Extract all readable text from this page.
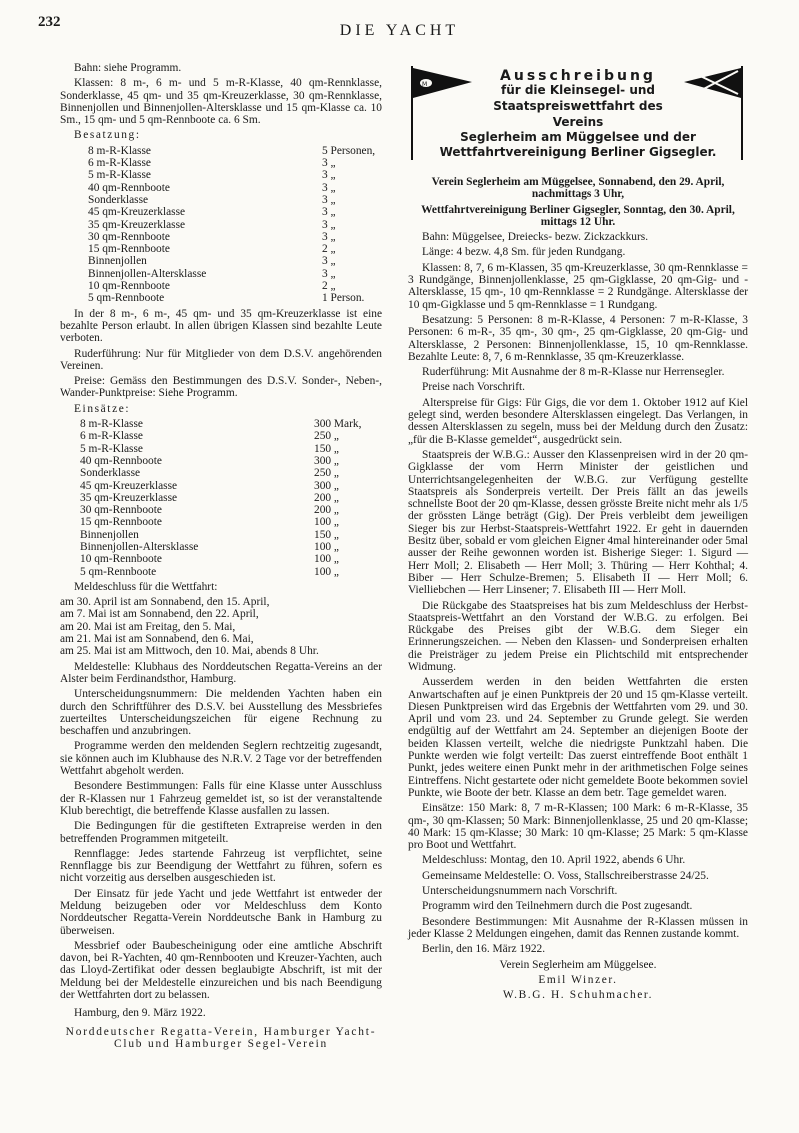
232	DIE YACHT

Bahn: siehe Programm.

Klassen: 8 m-, 6 m- und 5 m-R-Klasse, 40 qm-Rennklasse, Sonderklasse, 45 qm- und 35 qm-Kreuzerklasse, 30 qm-Rennklasse, Binnenjollen und Binnenjollen-Altersklasse und 15 qm-Klasse ca. 10 Sm., 15 qm- und 5 qm-Rennboote ca. 6 Sm.

Besatzung:

8 m-R-Klasse	5 Personen,
6 m-R-Klasse	3 „
5 m-R-Klasse	3 „
40 qm-Rennboote	3 „
Sonderklasse	3 „
45 qm-Kreuzerklasse	3 „
35 qm-Kreuzerklasse	3 „
30 qm-Rennboote	3 „
15 qm-Rennboote	2 „
Binnenjollen	3 „
Binnenjollen-Altersklasse	3 „
10 qm-Rennboote	2 „
5 qm-Rennboote	1 Person.

In der 8 m-, 6 m-, 45 qm- und 35 qm-Kreuzerklasse ist eine bezahlte Person erlaubt. In allen übrigen Klassen sind bezahlte Leute verboten.

Ruderführung: Nur für Mitglieder von dem D.S.V. angehörenden Vereinen.

Preise: Gemäss den Bestimmungen des D.S.V. Sonder-, Neben-, Wander-Punktpreise: Siehe Programm.

Einsätze:

8 m-R-Klasse	300 Mark,
6 m-R-Klasse	250 „
5 m-R-Klasse	150 „
40 qm-Rennboote	300 „
Sonderklasse	250 „
45 qm-Kreuzerklasse	300 „
35 qm-Kreuzerklasse	200 „
30 qm-Rennboote	200 „
15 qm-Rennboote	100 „
Binnenjollen	150 „
Binnenjollen-Altersklasse	100 „
10 qm-Rennboote	100 „
5 qm-Rennboote	100 „

Meldeschluss für die Wettfahrt:

am 30. April ist am Sonnabend, den 15. April,
am 7. Mai ist am Sonnabend, den 22. April,
am 20. Mai ist am Freitag, den 5. Mai,
am 21. Mai ist am Sonnabend, den 6. Mai,
am 25. Mai ist am Mittwoch, den 10. Mai, abends 8 Uhr.

Meldestelle: Klubhaus des Norddeutschen Regatta-Vereins an der Alster beim Ferdinandsthor, Hamburg.

Unterscheidungsnummern: Die meldenden Yachten haben ein durch den Schriftführer des D.S.V. bei Ausstellung des Messbriefes zuerteiltes Unterscheidungszeichen für eigene Rechnung zu beschaffen und anzubringen.

Programme werden den meldenden Seglern rechtzeitig zugesandt, sie können auch im Klubhause des N.R.V. 2 Tage vor der betreffenden Wettfahrt abgeholt werden.

Besondere Bestimmungen: Falls für eine Klasse unter Ausschluss der R-Klassen nur 1 Fahrzeug gemeldet ist, so ist der veranstaltende Klub berechtigt, die betreffende Klasse ausfallen zu lassen.

Die Bedingungen für die gestifteten Extrapreise werden in den betreffenden Programmen mitgeteilt.

Rennflagge: Jedes startende Fahrzeug ist verpflichtet, seine Rennflagge bis zur Beendigung der Wettfahrt zu führen, sofern es nicht vorzeitig aus derselben ausgeschieden ist.

Der Einsatz für jede Yacht und jede Wettfahrt ist entweder der Meldung beizugeben oder vor Meldeschluss dem Konto Norddeutscher Regatta-Verein Norddeutsche Bank in Hamburg zu überweisen.

Messbrief oder Baubescheinigung oder eine amtliche Abschrift davon, bei R-Yachten, 40 qm-Rennbooten und Kreuzer-Yachten, auch das Lloyd-Zertifikat oder dessen beglaubigte Abschrift, ist mit der Meldung bei der Meldestelle einzureichen und bis nach Beendigung der Wettfahrten dort zu belassen.

Hamburg, den 9. März 1922.

Norddeutscher Regatta-Verein, Hamburger Yacht-Club und Hamburger Segel-Verein

M
Ausschreibung
für die Kleinsegel- und Staatspreiswettfahrt des Vereins
Seglerheim am Müggelsee und der Wettfahrtvereinigung Berliner Gigsegler.

Verein Seglerheim am Müggelsee, Sonnabend, den 29. April, nachmittags 3 Uhr,

Wettfahrtvereinigung Berliner Gigsegler, Sonntag, den 30. April, mittags 12 Uhr.

Bahn: Müggelsee, Dreiecks- bezw. Zickzackkurs.

Länge: 4 bezw. 4,8 Sm. für jeden Rundgang.

Klassen: 8, 7, 6 m-Klassen, 35 qm-Kreuzerklasse, 30 qm-Rennklasse = 3 Rundgänge, Binnenjollenklasse, 25 qm-Gigklasse, 20 qm-Gig- und -Altersklasse, 15 qm-, 10 qm-Rennklasse = 2 Rundgänge. Altersklasse der 10 qm-Gigklasse und 5 qm-Rennklasse = 1 Rundgang.

Besatzung: 5 Personen: 8 m-R-Klasse, 4 Personen: 7 m-R-Klasse, 3 Personen: 6 m-R-, 35 qm-, 30 qm-, 25 qm-Gigklasse, 20 qm-Gig- und Altersklasse, 2 Personen: Binnenjollenklasse, 15, 10 qm-Rennklasse. Bezahlte Leute: 8, 7, 6 m-Rennklasse, 35 qm-Kreuzerklasse.

Ruderführung: Mit Ausnahme der 8 m-R-Klasse nur Herrensegler.

Preise nach Vorschrift.

Alterspreise für Gigs: Für Gigs, die vor dem 1. Oktober 1912 auf Kiel gelegt sind, werden besondere Altersklassen eingelegt. Das Verlangen, in dessen Altersklassen zu segeln, muss bei der Meldung durch den Zusatz: „für die B-Klasse gemeldet“, ausgedrückt sein.

Staatspreis der W.B.G.: Ausser den Klassenpreisen wird in der 20 qm-Gigklasse der vom Herrn Minister der geistlichen und Unterrichtsangelegenheiten der W.B.G. zur Verfügung gestellte Staatspreis als Sonderpreis verteilt. Der Preis fällt an das jeweils schnellste Boot der 20 qm-Klasse, dessen grösste Breite nicht mehr als 1/5 der grössten Länge beträgt (Gig). Der Preis verbleibt dem jeweiligen Sieger bis zur Herbst-Staatspreis-Wettfahrt 1922. Er geht in dauernden Besitz über, sobald er vom gleichen Eigner 4mal hintereinander oder 5mal ausser der Reihe gewonnen worden ist. Bisherige Sieger: 1. Sigurd — Herr Moll; 2. Elisabeth — Herr Moll; 3. Thüring — Herr Kohthal; 4. Biber — Herr Schulze-Bremen; 5. Elisabeth II — Herr Moll; 6. Vielliebchen — Herr Linsener; 7. Elisabeth III — Herr Moll.

Die Rückgabe des Staatspreises hat bis zum Meldeschluss der Herbst-Staatspreis-Wettfahrt an den Vorstand der W.B.G. zu erfolgen. Bei Rückgabe des Preises gibt der W.B.G. dem Sieger ein Erinnerungszeichen. — Neben den Klassen- und Sonderpreisen erhalten die Preisträger zu jedem Preise ein Plichtschild mit entsprechender Widmung.

Ausserdem werden in den beiden Wettfahrten die ersten Anwartschaften auf je einen Punktpreis der 20 und 15 qm-Klasse verteilt. Diesen Punktpreisen wird das Ergebnis der Wettfahrten vom 29. und 30. April und vom 23. und 24. September zu Grunde gelegt. Sie werden endgültig auf der Wettfahrt am 24. September an diejenigen Boote der beiden Klassen verteilt, welche die niedrigste Punktzahl haben. Die Punkte werden wie folgt verteilt: Das zuerst eintreffende Boot enthält 1 Punkt, jedes weitere einen Punkt mehr in der arithmetischen Folge seines Eintreffens. Nicht gestartete oder nicht gemeldete Boote bekommen soviel Punkte, wie Boote der betr. Klasse an dem betr. Tage gemeldet waren.

Einsätze: 150 Mark: 8, 7 m-R-Klassen; 100 Mark: 6 m-R-Klasse, 35 qm-, 30 qm-Klassen; 50 Mark: Binnenjollenklasse, 25 und 20 qm-Klasse; 40 Mark: 15 qm-Klasse; 30 Mark: 10 qm-Klasse; 25 Mark: 5 qm-Klasse pro Boot und Wettfahrt.

Meldeschluss: Montag, den 10. April 1922, abends 6 Uhr.

Gemeinsame Meldestelle: O. Voss, Stallschreiberstrasse 24/25.

Unterscheidungsnummern nach Vorschrift.

Programm wird den Teilnehmern durch die Post zugesandt.

Besondere Bestimmungen: Mit Ausnahme der R-Klassen müssen in jeder Klasse 2 Meldungen eingehen, damit das Rennen zustande kommt.

Berlin, den 16. März 1922.

Verein Seglerheim am Müggelsee.

Emil Winzer.

W.B.G. H. Schuhmacher.
